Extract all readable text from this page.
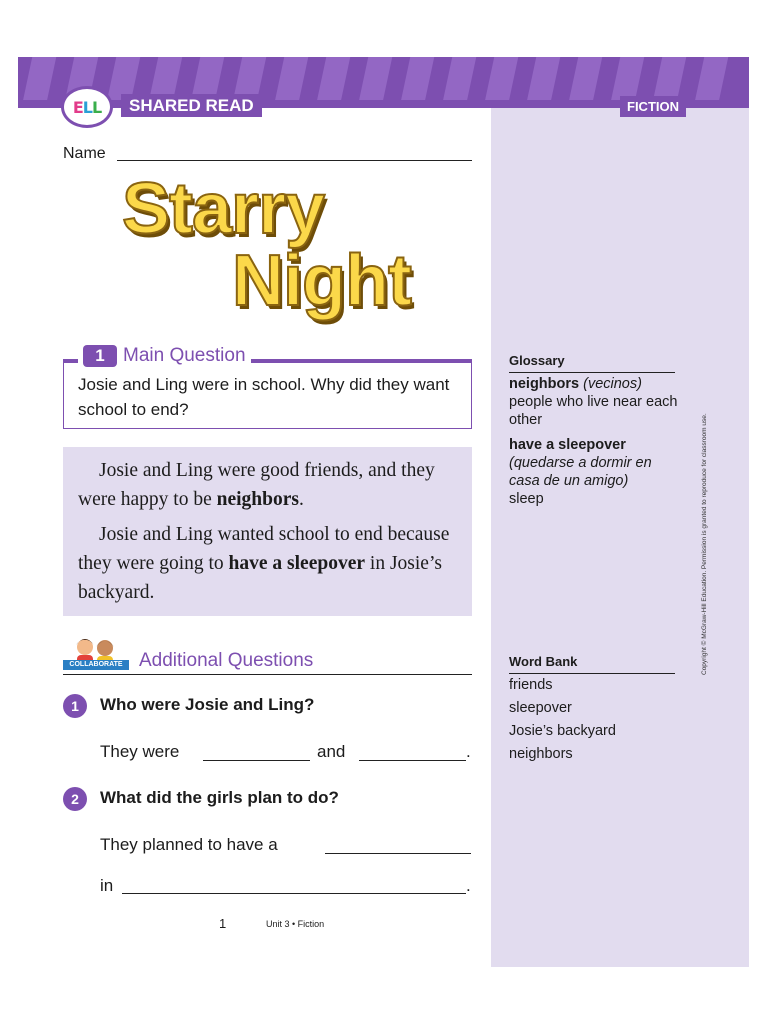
ELL	SHARED READ	FICTION
Name
Starry
Night
1 Main Question
Josie and Ling were in school. Why did they want school to end?

Josie and Ling were good friends, and they were happy to be neighbors.

Josie and Ling wanted school to end because they were going to have a sleepover in Josie’s backyard.

COLLABORATE Additional Questions
1	Who were Josie and Ling?
They were	and	.
2	What did the girls plan to do?
They planned to have a
in	.
1	Unit 3 • Fiction
Glossary
neighbors (vecinos)
people who live near each other
have a sleepover
(quedarse a dormir en casa de un amigo)
sleep
Word Bank
friends
sleepover
Josie’s backyard
neighbors
Copyright © McGraw-Hill Education. Permission is granted to reproduce for classroom use.
